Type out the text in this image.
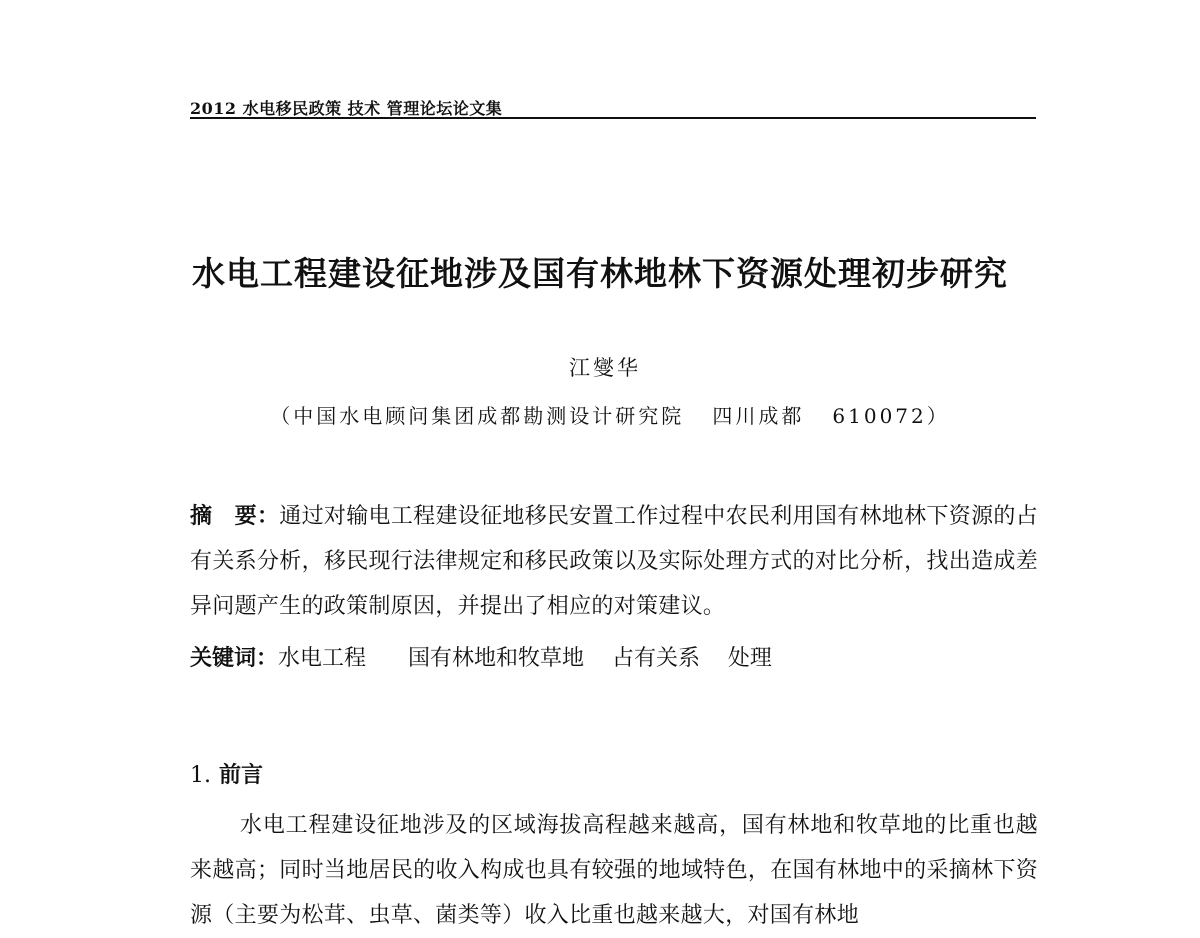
2012 水电移民政策 技术 管理论坛论文集
水电工程建设征地涉及国有林地林下资源处理初步研究
江燮华
（中国水电顾问集团成都勘测设计研究院   四川成都   610072）
摘　要：通过对输电工程建设征地移民安置工作过程中农民利用国有林地林下资源的占有关系分析，移民现行法律规定和移民政策以及实际处理方式的对比分析，找出造成差异问题产生的政策制原因，并提出了相应的对策建议。
关键词：水电工程      国有林地和牧草地    占有关系    处理
1. 前言
水电工程建设征地涉及的区域海拔高程越来越高，国有林地和牧草地的比重也越来越高；同时当地居民的收入构成也具有较强的地域特色，在国有林地中的采摘林下资源（主要为松茸、虫草、菌类等）收入比重也越来越大，对国有林地
